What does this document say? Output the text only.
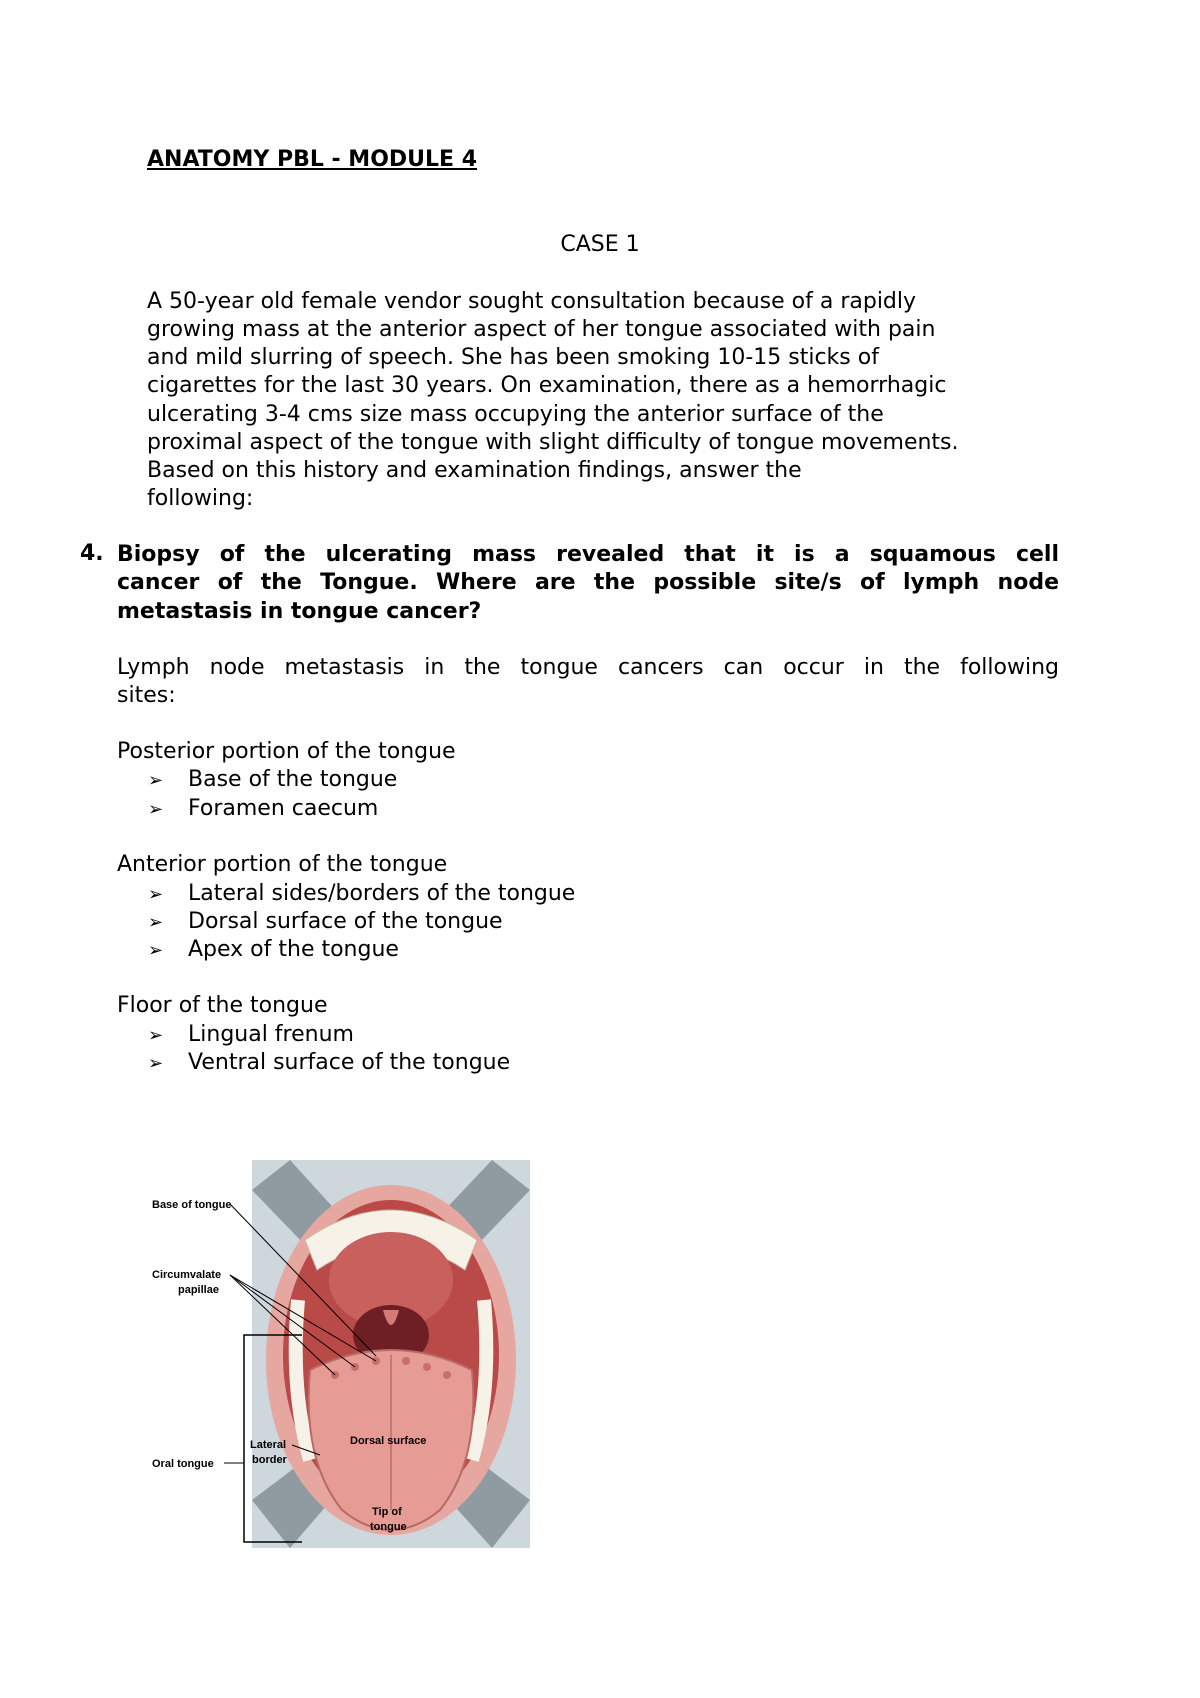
ANATOMY PBL - MODULE 4
CASE 1
A 50-year old female vendor sought consultation because of a rapidly
growing mass at the anterior aspect of her tongue associated with pain
and mild slurring of speech. She has been smoking 10-15 sticks of
cigarettes for the last 30 years. On examination, there as a hemorrhagic
ulcerating 3-4 cms size mass occupying the anterior surface of the
proximal aspect of the tongue with slight difficulty of tongue movements.
Based on this history and examination findings, answer the
following:
4. Biopsy of the ulcerating mass revealed that it is a squamous cell
cancer of the Tongue. Where are the possible site/s of lymph node
metastasis in tongue cancer?
Lymph node metastasis in the tongue cancers can occur in the following
sites:
Posterior portion of the tongue
➢ Base of the tongue
➢ Foramen caecum
Anterior portion of the tongue
➢ Lateral sides/borders of the tongue
➢ Dorsal surface of the tongue
➢ Apex of the tongue
Floor of the tongue
➢ Lingual frenum
➢ Ventral surface of the tongue
Base of tongue
Circumvalate
papillae
Oral tongue
Lateral
border
Dorsal surface
Tip of
tongue
